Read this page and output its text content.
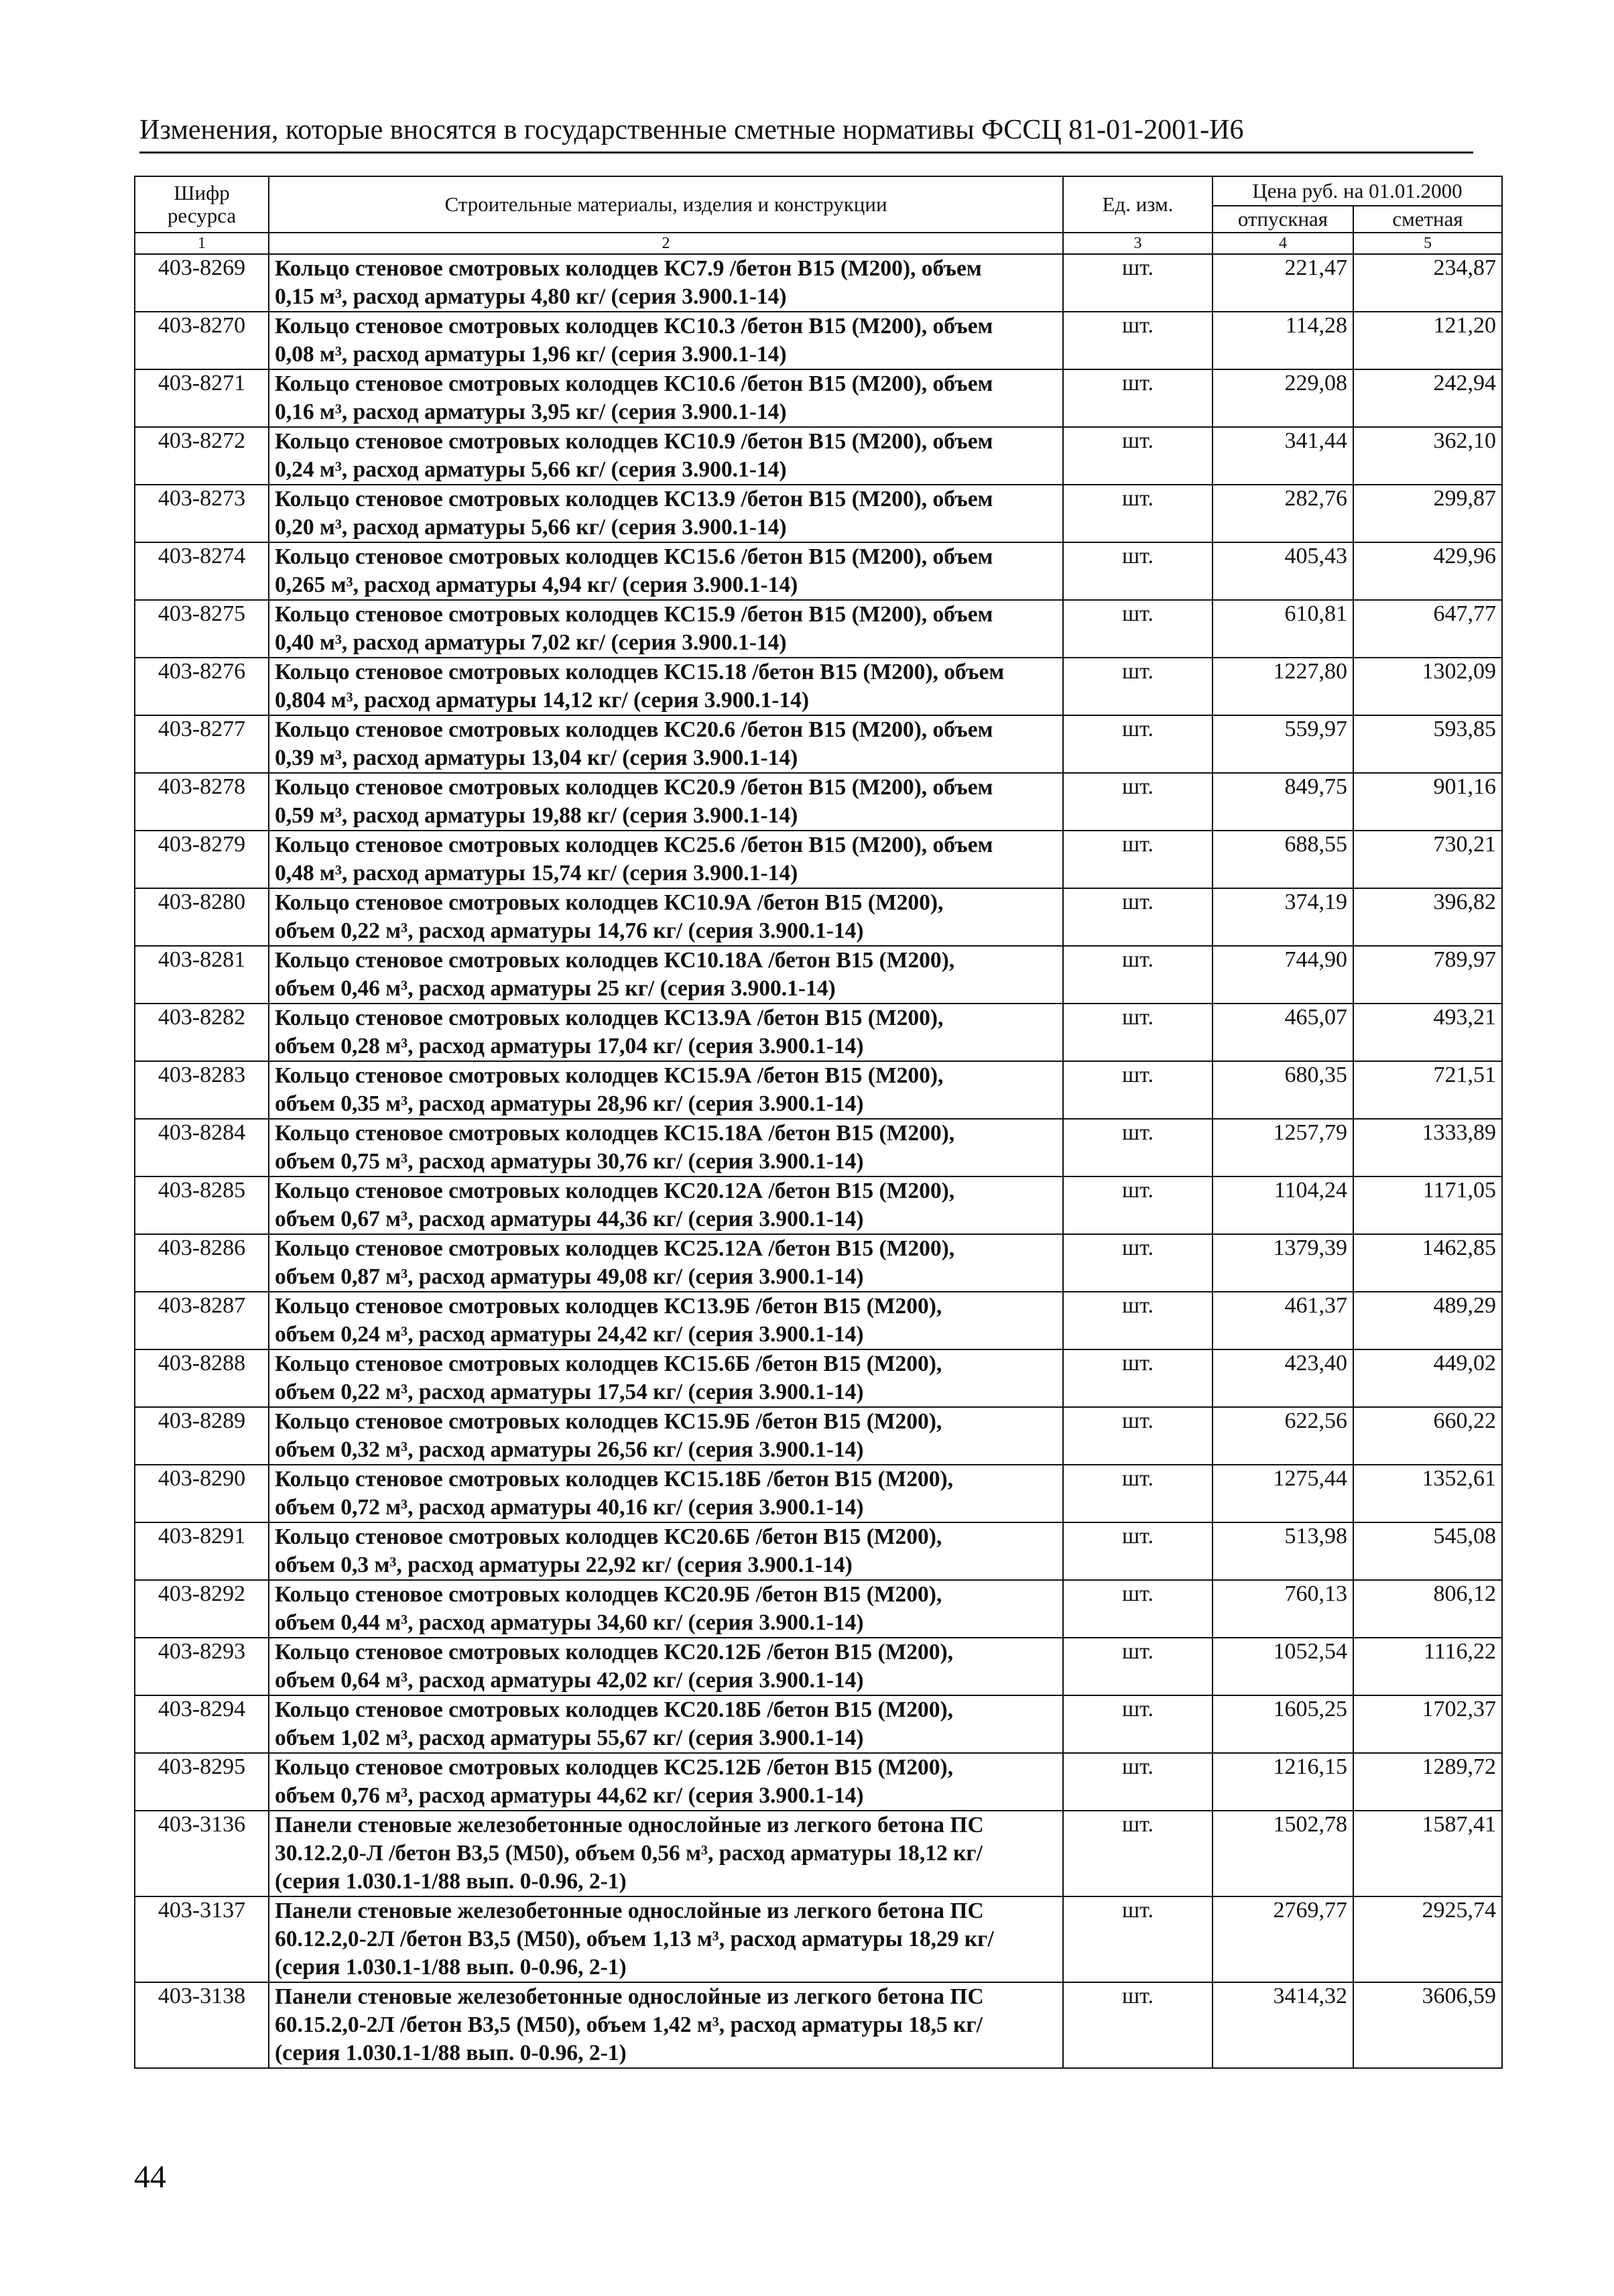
Изменения, которые вносятся в государственные сметные нормативы ФССЦ 81-01-2001-И6
Шифр ресурса	Строительные материалы, изделия и конструкции	Ед. изм.	Цена руб. на 01.01.2000	
			отпускная	сметная
1	2	3	4	5
403-8269	Кольцо стеновое смотровых колодцев КС7.9 /бетон В15 (М200), объем
0,15 м³, расход арматуры 4,80 кг/ (серия 3.900.1-14)	шт.	221,47	234,87
403-8270	Кольцо стеновое смотровых колодцев КС10.3 /бетон В15 (М200), объем
0,08 м³, расход арматуры 1,96 кг/ (серия 3.900.1-14)	шт.	114,28	121,20
403-8271	Кольцо стеновое смотровых колодцев КС10.6 /бетон В15 (М200), объем
0,16 м³, расход арматуры 3,95 кг/ (серия 3.900.1-14)	шт.	229,08	242,94
403-8272	Кольцо стеновое смотровых колодцев КС10.9 /бетон В15 (М200), объем
0,24 м³, расход арматуры 5,66 кг/ (серия 3.900.1-14)	шт.	341,44	362,10
403-8273	Кольцо стеновое смотровых колодцев КС13.9 /бетон В15 (М200), объем
0,20 м³, расход арматуры 5,66 кг/ (серия 3.900.1-14)	шт.	282,76	299,87
403-8274	Кольцо стеновое смотровых колодцев КС15.6 /бетон В15 (М200), объем
0,265 м³, расход арматуры 4,94 кг/ (серия 3.900.1-14)	шт.	405,43	429,96
403-8275	Кольцо стеновое смотровых колодцев КС15.9 /бетон В15 (М200), объем
0,40 м³, расход арматуры 7,02 кг/ (серия 3.900.1-14)	шт.	610,81	647,77
403-8276	Кольцо стеновое смотровых колодцев КС15.18 /бетон В15 (М200), объем
0,804 м³, расход арматуры 14,12 кг/ (серия 3.900.1-14)	шт.	1227,80	1302,09
403-8277	Кольцо стеновое смотровых колодцев КС20.6 /бетон В15 (М200), объем
0,39 м³, расход арматуры 13,04 кг/ (серия 3.900.1-14)	шт.	559,97	593,85
403-8278	Кольцо стеновое смотровых колодцев КС20.9 /бетон В15 (М200), объем
0,59 м³, расход арматуры 19,88 кг/ (серия 3.900.1-14)	шт.	849,75	901,16
403-8279	Кольцо стеновое смотровых колодцев КС25.6 /бетон В15 (М200), объем
0,48 м³, расход арматуры 15,74 кг/ (серия 3.900.1-14)	шт.	688,55	730,21
403-8280	Кольцо стеновое смотровых колодцев КС10.9А /бетон В15 (М200),
объем 0,22 м³, расход арматуры 14,76 кг/ (серия 3.900.1-14)	шт.	374,19	396,82
403-8281	Кольцо стеновое смотровых колодцев КС10.18А /бетон В15 (М200),
объем 0,46 м³, расход арматуры 25 кг/ (серия 3.900.1-14)	шт.	744,90	789,97
403-8282	Кольцо стеновое смотровых колодцев КС13.9А /бетон В15 (М200),
объем 0,28 м³, расход арматуры 17,04 кг/ (серия 3.900.1-14)	шт.	465,07	493,21
403-8283	Кольцо стеновое смотровых колодцев КС15.9А /бетон В15 (М200),
объем 0,35 м³, расход арматуры 28,96 кг/ (серия 3.900.1-14)	шт.	680,35	721,51
403-8284	Кольцо стеновое смотровых колодцев КС15.18А /бетон В15 (М200),
объем 0,75 м³, расход арматуры 30,76 кг/ (серия 3.900.1-14)	шт.	1257,79	1333,89
403-8285	Кольцо стеновое смотровых колодцев КС20.12А /бетон В15 (М200),
объем 0,67 м³, расход арматуры 44,36 кг/ (серия 3.900.1-14)	шт.	1104,24	1171,05
403-8286	Кольцо стеновое смотровых колодцев КС25.12А /бетон В15 (М200),
объем 0,87 м³, расход арматуры 49,08 кг/ (серия 3.900.1-14)	шт.	1379,39	1462,85
403-8287	Кольцо стеновое смотровых колодцев КС13.9Б /бетон В15 (М200),
объем 0,24 м³, расход арматуры 24,42 кг/ (серия 3.900.1-14)	шт.	461,37	489,29
403-8288	Кольцо стеновое смотровых колодцев КС15.6Б /бетон В15 (М200),
объем 0,22 м³, расход арматуры 17,54 кг/ (серия 3.900.1-14)	шт.	423,40	449,02
403-8289	Кольцо стеновое смотровых колодцев КС15.9Б /бетон В15 (М200),
объем 0,32 м³, расход арматуры 26,56 кг/ (серия 3.900.1-14)	шт.	622,56	660,22
403-8290	Кольцо стеновое смотровых колодцев КС15.18Б /бетон В15 (М200),
объем 0,72 м³, расход арматуры 40,16 кг/ (серия 3.900.1-14)	шт.	1275,44	1352,61
403-8291	Кольцо стеновое смотровых колодцев КС20.6Б /бетон В15 (М200),
объем 0,3 м³, расход арматуры 22,92 кг/ (серия 3.900.1-14)	шт.	513,98	545,08
403-8292	Кольцо стеновое смотровых колодцев КС20.9Б /бетон В15 (М200),
объем 0,44 м³, расход арматуры 34,60 кг/ (серия 3.900.1-14)	шт.	760,13	806,12
403-8293	Кольцо стеновое смотровых колодцев КС20.12Б /бетон В15 (М200),
объем 0,64 м³, расход арматуры 42,02 кг/ (серия 3.900.1-14)	шт.	1052,54	1116,22
403-8294	Кольцо стеновое смотровых колодцев КС20.18Б /бетон В15 (М200),
объем 1,02 м³, расход арматуры 55,67 кг/ (серия 3.900.1-14)	шт.	1605,25	1702,37
403-8295	Кольцо стеновое смотровых колодцев КС25.12Б /бетон В15 (М200),
объем 0,76 м³, расход арматуры 44,62 кг/ (серия 3.900.1-14)	шт.	1216,15	1289,72
403-3136	Панели стеновые железобетонные однослойные из легкого бетона ПС
30.12.2,0-Л /бетон В3,5 (М50), объем 0,56 м³, расход арматуры 18,12 кг/
(серия 1.030.1-1/88 вып. 0-0.96, 2-1)	шт.	1502,78	1587,41
403-3137	Панели стеновые железобетонные однослойные из легкого бетона ПС
60.12.2,0-2Л /бетон В3,5 (М50), объем 1,13 м³, расход арматуры 18,29 кг/
(серия 1.030.1-1/88 вып. 0-0.96, 2-1)	шт.	2769,77	2925,74
403-3138	Панели стеновые железобетонные однослойные из легкого бетона ПС
60.15.2,0-2Л /бетон В3,5 (М50), объем 1,42 м³, расход арматуры 18,5 кг/
(серия 1.030.1-1/88 вып. 0-0.96, 2-1)	шт.	3414,32	3606,59
44
